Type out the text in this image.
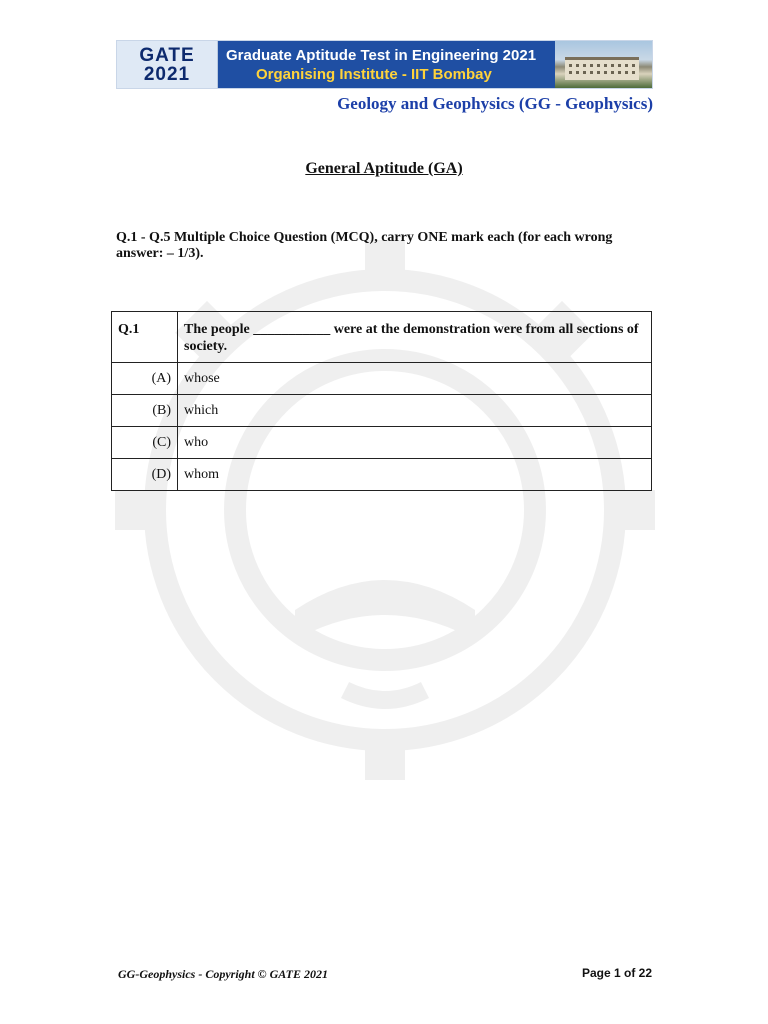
GATE
2021
Graduate Aptitude Test in Engineering 2021
Organising Institute - IIT Bombay
Geology and Geophysics (GG - Geophysics)
General Aptitude (GA)
Q.1 - Q.5 Multiple Choice Question (MCQ), carry ONE mark each (for each wrong answer: – 1/3).
Q.1	The people ___________ were at the demonstration were from all sections of society.
(A)	whose
(B)	which
(C)	who
(D)	whom
GG-Geophysics - Copyright © GATE 2021	Page 1 of 22
